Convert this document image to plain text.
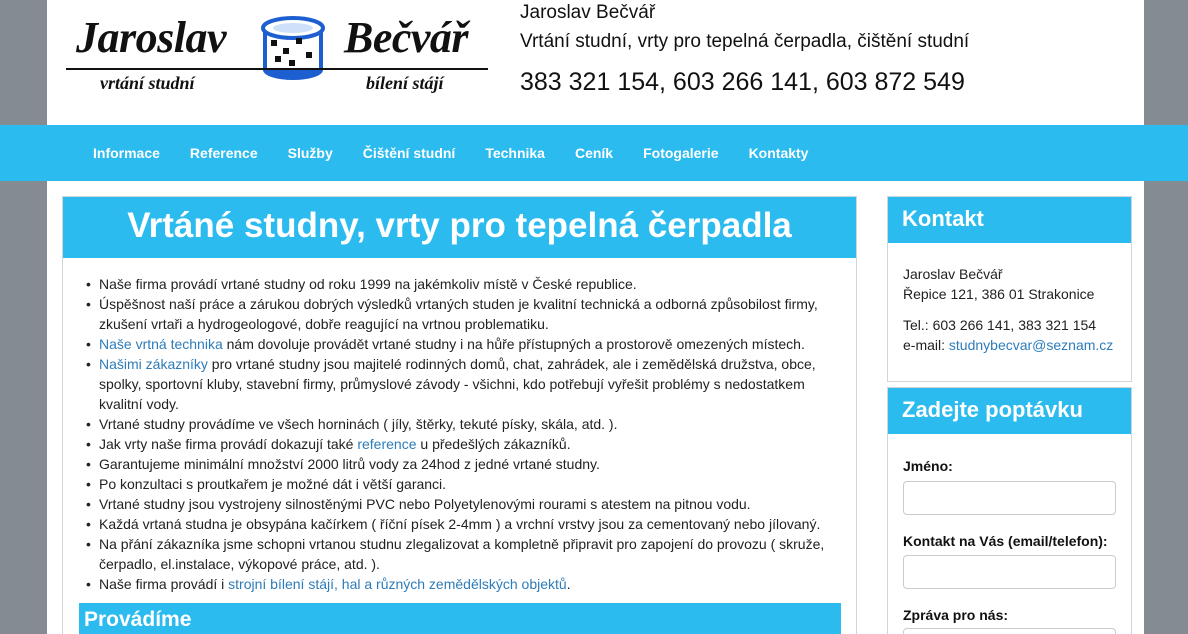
Jaroslav	Bečvář
vrtání studní	bílení stájí
Jaroslav Bečvář
Vrtání studní, vrty pro tepelná čerpadla, čištění studní
383 321 154, 603 266 141, 603 872 549
Informace	Reference	Služby	Čištění studní	Technika	Ceník	Fotogalerie	Kontakty
Vrtáné studny, vrty pro tepelná čerpadla
• Naše firma provádí vrtané studny od roku 1999 na jakémkoliv místě v České republice.
• Úspěšnost naší práce a zárukou dobrých výsledků vrtaných studen je kvalitní technická a odborná způsobilost firmy, zkušení vrtaři a hydrogeologové, dobře reagující na vrtnou problematiku.
• Naše vrtná technika nám dovoluje provádět vrtané studny i na hůře přístupných a prostorově omezených místech.
• Našimi zákazníky pro vrtané studny jsou majitelé rodinných domů, chat, zahrádek, ale i zemědělská družstva, obce, spolky, sportovní kluby, stavební firmy, průmyslové závody - všichni, kdo potřebují vyřešit problémy s nedostatkem kvalitní vody.
• Vrtané studny provádíme ve všech horninách ( jíly, štěrky, tekuté písky, skála, atd. ).
• Jak vrty naše firma provádí dokazují také reference u předešlých zákazníků.
• Garantujeme minimální množství 2000 litrů vody za 24hod z jedné vrtané studny.
• Po konzultaci s proutkařem je možné dát i větší garanci.
• Vrtané studny jsou vystrojeny silnostěnými PVC nebo Polyetylenovými rourami s atestem na pitnou vodu.
• Každá vrtaná studna je obsypána kačírkem ( říční písek 2-4mm ) a vrchní vrstvy jsou za cementovaný nebo jílovaný.
• Na přání zákazníka jsme schopni vrtanou studnu zlegalizovat a kompletně připravit pro zapojení do provozu ( skruže, čerpadlo, el.instalace, výkopové práce, atd. ).
• Naše firma provádí i strojní bílení stájí, hal a různých zemědělských objektů.
Provádíme
Kontakt
Jaroslav Bečvář
Řepice 121, 386 01 Strakonice
Tel.: 603 266 141, 383 321 154
e-mail: studnybecvar@seznam.cz
Zadejte poptávku
Jméno:
Kontakt na Vás (email/telefon):
Zpráva pro nás:
